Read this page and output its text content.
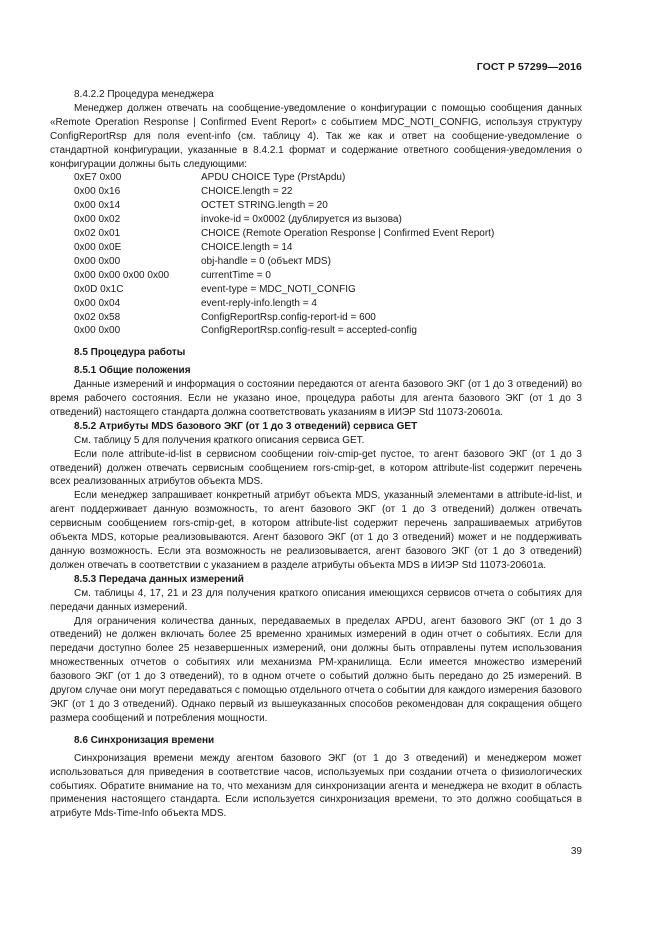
ГОСТ Р 57299—2016
8.4.2.2 Процедура менеджера

Менеджер должен отвечать на сообщение-уведомление о конфигурации с помощью сообщения данных «Remote Operation Response | Confirmed Event Report» с событием MDC_NOTI_CONFIG, используя структуру ConfigReportRsp для поля event-info (см. таблицу 4). Так же как и ответ на сообщение-уведомление о стандартной конфигурации, указанные в 8.4.2.1 формат и содержание ответного сообщения-уведомления о конфигурации должны быть следующими:

0xE7 0x00	APDU CHOICE Type (PrstApdu)
0x00 0x16	CHOICE.length = 22
0x00 0x14	OCTET STRING.length = 20
0x00 0x02	invoke-id = 0x0002 (дублируется из вызова)
0x02 0x01	CHOICE (Remote Operation Response | Confirmed Event Report)
0x00 0x0E	CHOICE.length = 14
0x00 0x00	obj-handle = 0 (объект MDS)
0x00 0x00 0x00 0x00	currentTime = 0
0x0D 0x1C	event-type = MDC_NOTI_CONFIG
0x00 0x04	event-reply-info.length = 4
0x02 0x58	ConfigReportRsp.config-report-id = 600
0x00 0x00	ConfigReportRsp.config-result = accepted-config
8.5 Процедура работы
8.5.1 Общие положения

Данные измерений и информация о состоянии передаются от агента базового ЭКГ (от 1 до 3 отведений) во время рабочего состояния. Если не указано иное, процедура работы для агента базового ЭКГ (от 1 до 3 отведений) настоящего стандарта должна соответствовать указаниям в ИИЭР Std 11073-20601а.

8.5.2 Атрибуты MDS базового ЭКГ (от 1 до 3 отведений) сервиса GET

См. таблицу 5 для получения краткого описания сервиса GET.

Если поле attribute-id-list в сервисном сообщении roiv-cmip-get пустое, то агент базового ЭКГ (от 1 до 3 отведений) должен отвечать сервисным сообщением rors-cmip-get, в котором attribute-list содержит перечень всех реализованных атрибутов объекта MDS.

Если менеджер запрашивает конкретный атрибут объекта MDS, указанный элементами в attribute-id-list, и агент поддерживает данную возможность, то агент базового ЭКГ (от 1 до 3 отведений) должен отвечать сервисным сообщением rors-cmip-get, в котором attribute-list содержит перечень запрашиваемых атрибутов объекта MDS, которые реализовываются. Агент базового ЭКГ (от 1 до 3 отведений) может и не поддерживать данную возможность. Если эта возможность не реализовывается, агент базового ЭКГ (от 1 до 3 отведений) должен отвечать в соответствии с указанием в разделе атрибуты объекта MDS в ИИЭР Std 11073-20601а.

8.5.3 Передача данных измерений

См. таблицы 4, 17, 21 и 23 для получения краткого описания имеющихся сервисов отчета о событиях для передачи данных измерений.

Для ограничения количества данных, передаваемых в пределах APDU, агент базового ЭКГ (от 1 до 3 отведений) не должен включать более 25 временно хранимых измерений в один отчет о событиях. Если для передачи доступно более 25 незавершенных измерений, они должны быть отправлены путем использования множественных отчетов о событиях или механизма PM-хранилища. Если имеется множество измерений базового ЭКГ (от 1 до 3 отведений), то в одном отчете о событий должно быть передано до 25 измерений. В другом случае они могут передаваться с помощью отдельного отчета о событии для каждого измерения базового ЭКГ (от 1 до 3 отведений). Однако первый из вышеуказанных способов рекомендован для сокращения общего размера сообщений и потребления мощности.

8.6 Синхронизация времени

Синхронизация времени между агентом базового ЭКГ (от 1 до 3 отведений) и менеджером может использоваться для приведения в соответствие часов, используемых при создании отчета о физиологических событиях. Обратите внимание на то, что механизм для синхронизации агента и менеджера не входит в область применения настоящего стандарта. Если используется синхронизация времени, то это должно сообщаться в атрибуте Mds-Time-Info объекта MDS.

39
